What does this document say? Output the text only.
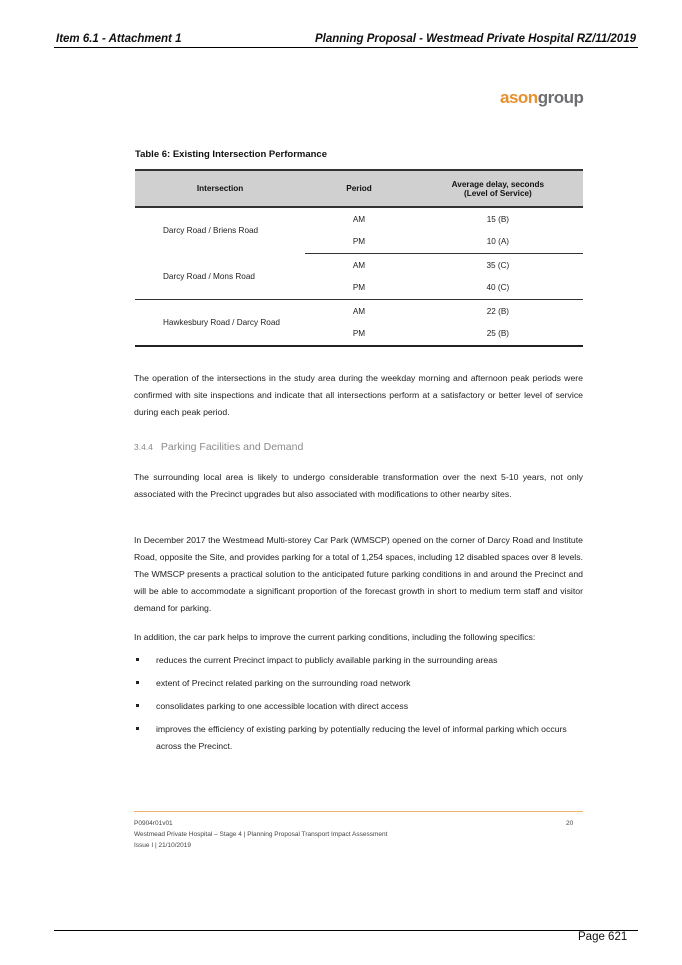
Item 6.1 - Attachment 1	Planning Proposal - Westmead Private Hospital RZ/11/2019
asongroup
Table 6: Existing Intersection Performance
Intersection	Period	Average delay, seconds
(Level of Service)

Darcy Road / Briens Road	AM	15 (B)
	PM	10 (A)
Darcy Road / Mons Road	AM	35 (C)
	PM	40 (C)
Hawkesbury Road / Darcy Road	AM	22 (B)
	PM	25 (B)

The operation of the intersections in the study area during the weekday morning and afternoon peak periods were confirmed with site inspections and indicate that all intersections perform at a satisfactory or better level of service during each peak period.

3.4.4 Parking Facilities and Demand

The surrounding local area is likely to undergo considerable transformation over the next 5-10 years, not only associated with the Precinct upgrades but also associated with modifications to other nearby sites.

In December 2017 the Westmead Multi-storey Car Park (WMSCP) opened on the corner of Darcy Road and Institute Road, opposite the Site, and provides parking for a total of 1,254 spaces, including 12 disabled spaces over 8 levels. The WMSCP presents a practical solution to the anticipated future parking conditions in and around the Precinct and will be able to accommodate a significant proportion of the forecast growth in short to medium term staff and visitor demand for parking.

In addition, the car park helps to improve the current parking conditions, including the following specifics:

reduces the current Precinct impact to publicly available parking in the surrounding areas
extent of Precinct related parking on the surrounding road network
consolidates parking to one accessible location with direct access
improves the efficiency of existing parking by potentially reducing the level of informal parking which occurs across the Precinct.
P0904r01v01
Westmead Private Hospital – Stage 4 | Planning Proposal Transport Impact Assessment
Issue I | 21/10/2019
20
Page 621
